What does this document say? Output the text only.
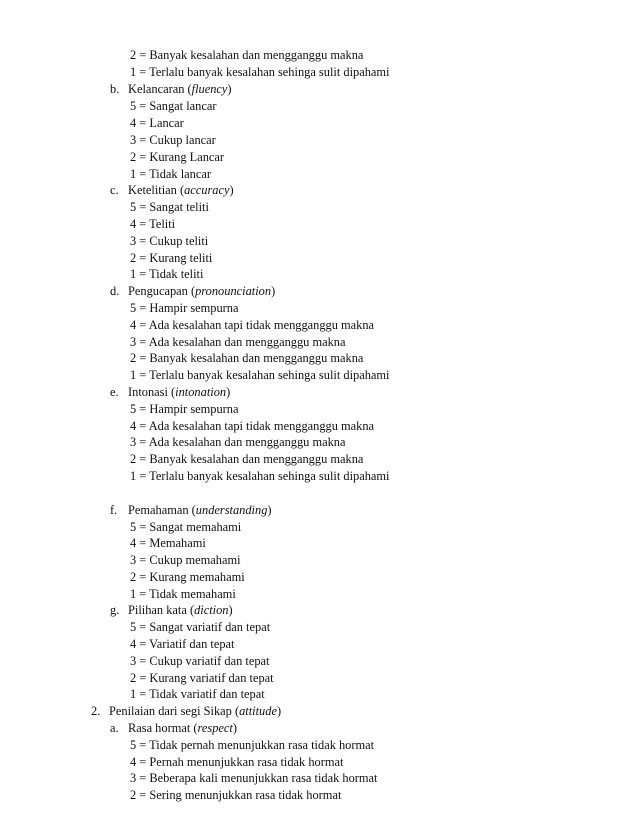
2 = Banyak kesalahan dan mengganggu makna
1 = Terlalu banyak kesalahan sehinga sulit dipahami
b. Kelancaran (fluency)
5 = Sangat lancar
4 = Lancar
3 = Cukup lancar
2 = Kurang Lancar
1 = Tidak lancar
c. Ketelitian (accuracy)
5 = Sangat teliti
4 = Teliti
3 = Cukup teliti
2 = Kurang teliti
1 = Tidak teliti
d. Pengucapan (pronounciation)
5 = Hampir sempurna
4 = Ada kesalahan tapi tidak mengganggu makna
3 = Ada kesalahan dan mengganggu makna
2 = Banyak kesalahan dan mengganggu makna
1 = Terlalu banyak kesalahan sehinga sulit dipahami
e. Intonasi (intonation)
5 = Hampir sempurna
4 = Ada kesalahan tapi tidak mengganggu makna
3 = Ada kesalahan dan mengganggu makna
2 = Banyak kesalahan dan mengganggu makna
1 = Terlalu banyak kesalahan sehinga sulit dipahami
f. Pemahaman (understanding)
5 = Sangat memahami
4 = Memahami
3 = Cukup memahami
2 = Kurang memahami
1 = Tidak memahami
g. Pilihan kata (diction)
5 = Sangat variatif dan tepat
4 = Variatif dan tepat
3 = Cukup variatif dan tepat
2 = Kurang variatif dan tepat
1 = Tidak variatif dan tepat
2. Penilaian dari segi Sikap (attitude)
a. Rasa hormat (respect)
5 = Tidak pernah menunjukkan rasa tidak hormat
4 = Pernah menunjukkan rasa tidak hormat
3 = Beberapa kali menunjukkan rasa tidak hormat
2 = Sering menunjukkan rasa tidak hormat
